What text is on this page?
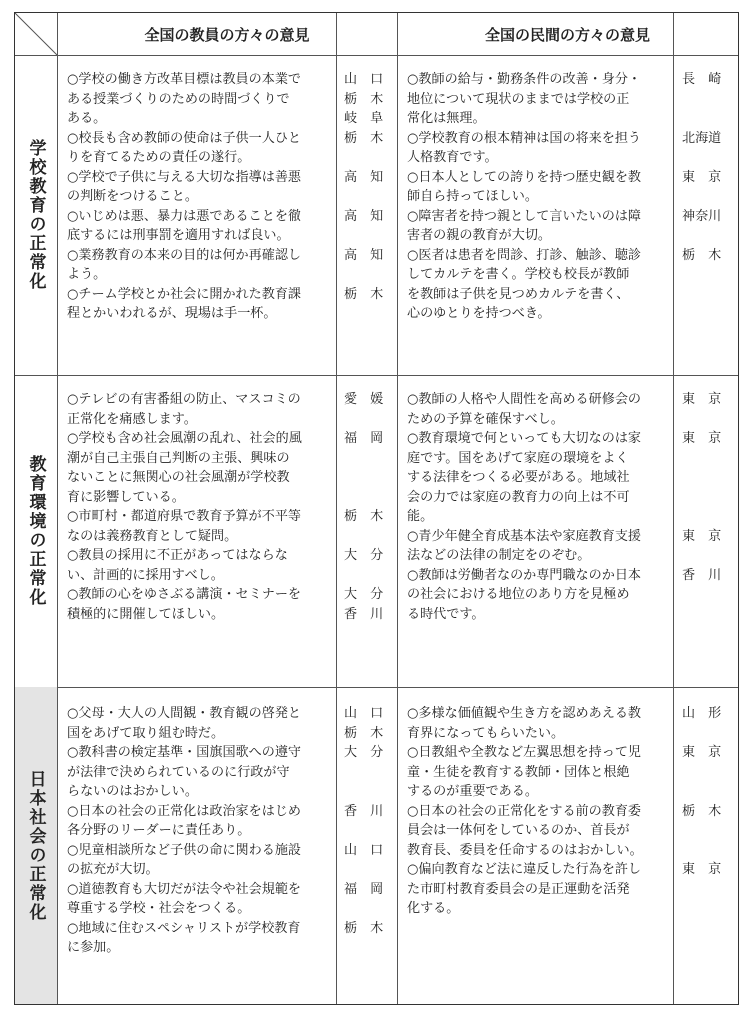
全国の教員の方々の意見	全国の民間の方々の意見
学校教育の正常化
教育環境の正常化
日本社会の正常化
○学校の働き方改革目標は教員の本業で
ある授業づくりのための時間づくりで
ある。
山　口
栃　木
岐　阜
○校長も含め教師の使命は子供一人ひと
りを育てるための責任の遂行。
栃　木
○学校で子供に与える大切な指導は善悪
の判断をつけること。
高　知
○いじめは悪、暴力は悪であることを徹
底するには刑事罰を適用すれば良い。
高　知
○業務教育の本来の目的は何か再確認し
よう。
高　知
○チーム学校とか社会に開かれた教育課
程とかいわれるが、現場は手一杯。
栃　木
○教師の給与・勤務条件の改善・身分・
地位について現状のままでは学校の正
常化は無理。
長　崎
○学校教育の根本精神は国の将来を担う
人格教育です。
北海道
○日本人としての誇りを持つ歴史観を教
師自ら持ってほしい。
東　京
○障害者を持つ親として言いたいのは障
害者の親の教育が大切。
神奈川
○医者は患者を問診、打診、触診、聴診
してカルテを書く。学校も校長が教師
を教師は子供を見つめカルテを書く、
心のゆとりを持つべき。
栃　木
○テレビの有害番組の防止、マスコミの
正常化を痛感します。
愛　媛
○学校も含め社会風潮の乱れ、社会的風
潮が自己主張自己判断の主張、興味の
ないことに無関心の社会風潮が学校教
育に影響している。
福　岡
○市町村・都道府県で教育予算が不平等
なのは義務教育として疑問。
栃　木
○教員の採用に不正があってはならな
い、計画的に採用すべし。
大　分
○教師の心をゆさぶる講演・セミナーを
積極的に開催してほしい。
大　分
香　川
○教師の人格や人間性を高める研修会の
ための予算を確保すべし。
東　京
○教育環境で何といっても大切なのは家
庭です。国をあげて家庭の環境をよく
する法律をつくる必要がある。地域社
会の力では家庭の教育力の向上は不可
能。
東　京
○青少年健全育成基本法や家庭教育支援
法などの法律の制定をのぞむ。
東　京
○教師は労働者なのか専門職なのか日本
の社会における地位のあり方を見極め
る時代です。
香　川
○父母・大人の人間観・教育観の啓発と
国をあげて取り組む時だ。
山　口
栃　木
○教科書の検定基準・国旗国歌への遵守
が法律で決められているのに行政が守
らないのはおかしい。
大　分
○日本の社会の正常化は政治家をはじめ
各分野のリーダーに責任あり。
香　川
○児童相談所など子供の命に関わる施設
の拡充が大切。
山　口
○道徳教育も大切だが法令や社会規範を
尊重する学校・社会をつくる。
福　岡
○地域に住むスペシャリストが学校教育
に参加。
栃　木
○多様な価値観や生き方を認めあえる教
育界になってもらいたい。
山　形
○日教組や全教など左翼思想を持って児
童・生徒を教育する教師・団体と根絶
するのが重要である。
東　京
○日本の社会の正常化をする前の教育委
員会は一体何をしているのか、首長が
教育長、委員を任命するのはおかしい。
栃　木
○偏向教育など法に違反した行為を許し
た市町村教育委員会の是正運動を活発
化する。
東　京
